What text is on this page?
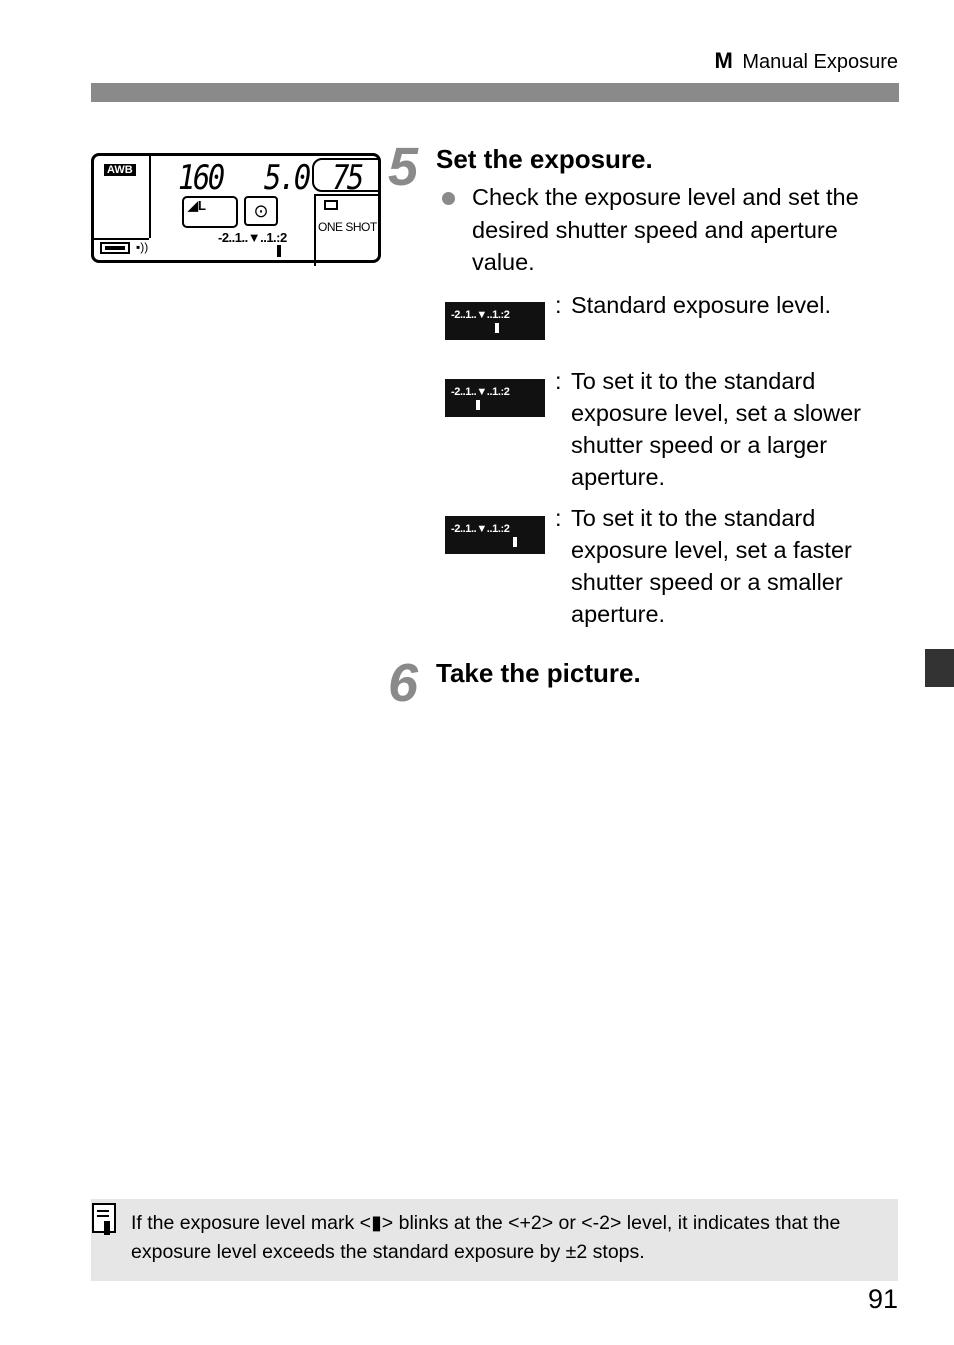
M Manual Exposure
AWB 160 5.0 75
◢L	⊙
ONE SHOT
-2..1..▼..1.:2
▪))
5 Set the exposure.

Check the exposure level and set the desired shutter speed and aperture value.

-2..1..▼..1.:2 : Standard exposure level.
-2..1..▼..1.:2 : To set it to the standard exposure level, set a slower shutter speed or a larger aperture.
-2..1..▼..1.:2 : To set it to the standard exposure level, set a faster shutter speed or a smaller aperture.
6 Take the picture.

If the exposure level mark <▮> blinks at the <+2> or <-2> level, it indicates that the exposure level exceeds the standard exposure by ±2 stops.

91
